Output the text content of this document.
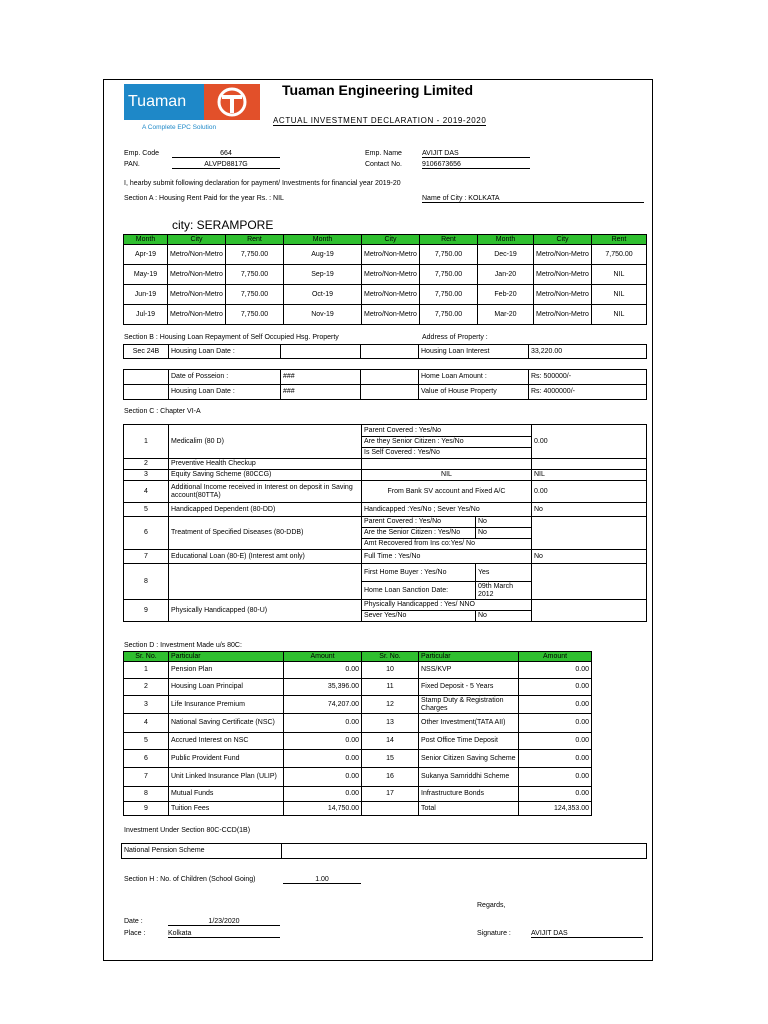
Tuaman
A Complete EPC Solution
Tuaman Engineering Limited
ACTUAL INVESTMENT DECLARATION - 2019-2020
Emp. Code	664
PAN.	ALVPD8817G
Emp. Name	AVIJIT DAS
Contact No.	9106673656
I, hearby submit following declaration for payment/ Investments for financial year 2019-20
Section A : Housing Rent Paid for the year Rs. : NIL	Name of City : KOLKATA
city: SERAMPORE
Month	City	Rent	Month	City	Rent	Month	City	Rent
Apr-19	Metro/Non-Metro	7,750.00	Aug-19	Metro/Non-Metro	7,750.00	Dec-19	Metro/Non-Metro	7,750.00
May-19	Metro/Non-Metro	7,750.00	Sep-19	Metro/Non-Metro	7,750.00	Jan-20	Metro/Non-Metro	NIL
Jun-19	Metro/Non-Metro	7,750.00	Oct-19	Metro/Non-Metro	7,750.00	Feb-20	Metro/Non-Metro	NIL
Jul-19	Metro/Non-Metro	7,750.00	Nov-19	Metro/Non-Metro	7,750.00	Mar-20	Metro/Non-Metro	NIL
Section B : Housing Loan Repayment of Self Occupied Hsg. Property	Address of Property :
Sec 24B	Housing Loan Date :			Housing Loan Interest	33,220.00
	Date of Posseion :	###		Home Loan Amount :	Rs: 500000/-
	Housing Loan Date :	###		Value of House Property	Rs: 4000000/-
Section C : Chapter VI-A
1	Medicalim (80 D)	Parent Covered : Yes/No		0.00
		Are they Senior Citizen : Yes/No		
		Is Self Covered : Yes/No		
2	Preventive Health Checkup			
3	Equity Saving Scheme (80CCG)	NIL		NIL
4	Additional Income received in Interest on deposit in Saving account(80TTA)	From Bank SV account and Fixed A/C		0.00
5	Handicapped Dependent (80-DD)	Handicapped :Yes/No ; Sever Yes/No		No
6	Treatment of Specified Diseases (80-DDB)	Parent Covered : Yes/No	No	
		Are the Senior Citizen : Yes/No	No	
		Amt Recovered from Ins co:Yes/ No		
7	Educational Loan (80-E) (Interest amt only)	Full Time : Yes/No		No
8		First Home Buyer : Yes/No	Yes	
		Home Loan Sanction Date:	09th March 2012	
9	Physically Handicapped (80-U)	Physically Handicapped : Yes/ NNO		
		Sever Yes/No	No	
Section D : Investment Made u/s 80C:
Sr. No.	Particular	Amount	Sr. No.	Particular	Amount
1	Pension Plan	0.00	10	NSS/KVP	0.00
2	Housing Loan Principal	35,396.00	11	Fixed Deposit - 5 Years	0.00
3	Life Insurance Premium	74,207.00	12	Stamp Duty & Registration Charges	0.00
4	National Saving Certificate (NSC)	0.00	13	Other Investment(TATA AII)	0.00
5	Accrued Interest on NSC	0.00	14	Post Office Time Deposit	0.00
6	Public Provident Fund	0.00	15	Senior Citizen Saving Scheme	0.00
7	Unit Linked Insurance Plan (ULIP)	0.00	16	Sukanya Samriddhi Scheme	0.00
8	Mutual Funds	0.00	17	Infrastructure Bonds	0.00
9	Tuition Fees	14,750.00		Total	124,353.00
Investment Under Section 80C-CCD(1B)
National Pension Scheme	
Section H : No. of Children (School Going)	1.00
Regards,
Date :	1/23/2020
Place :	Kolkata	Signature :	AVIJIT DAS
